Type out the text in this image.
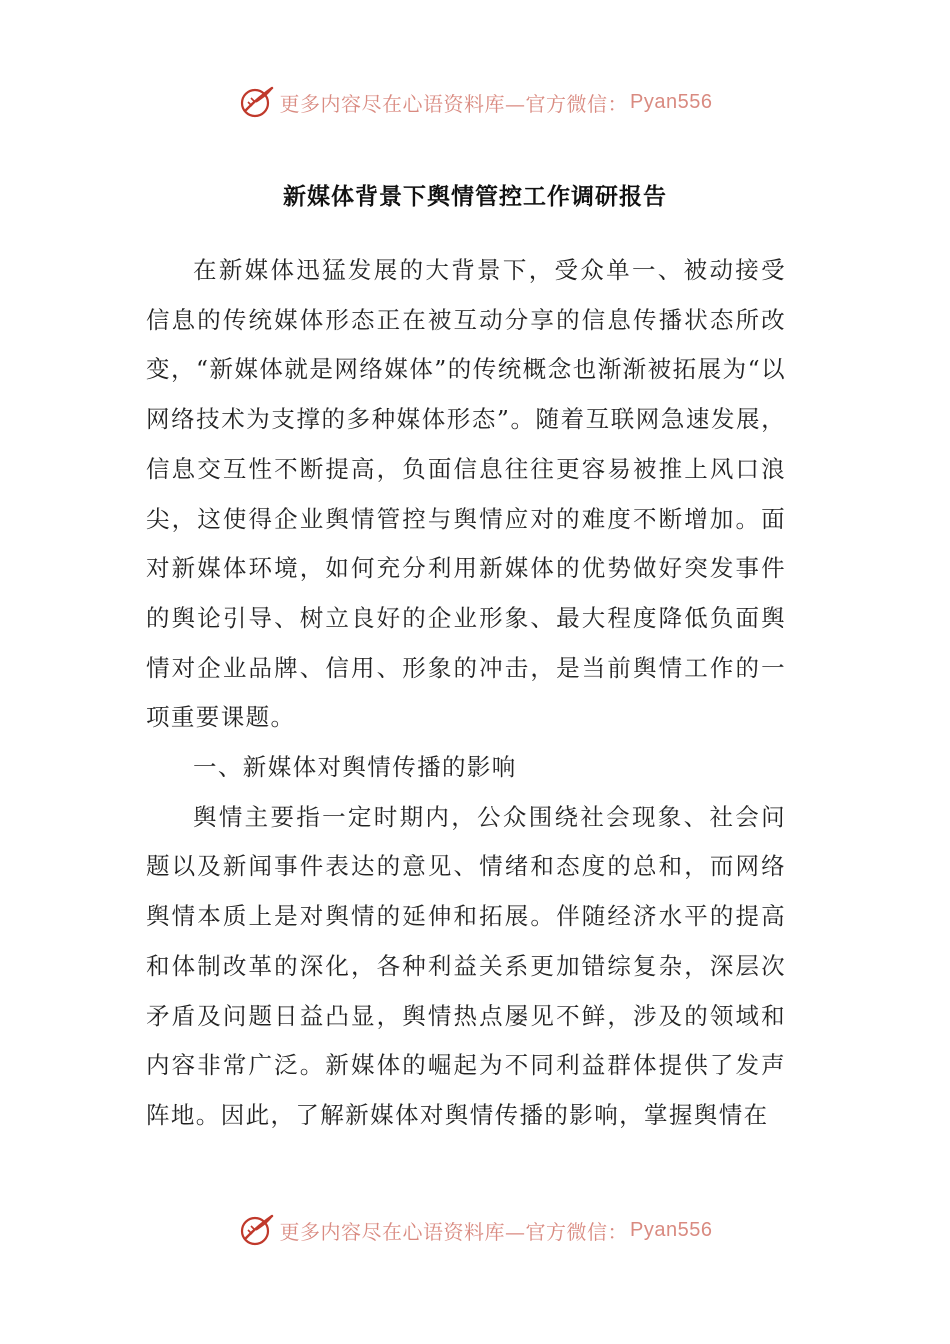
更多内容尽在心语资料库—官方微信： Pyan556
新媒体背景下舆情管控工作调研报告

在新媒体迅猛发展的大背景下，受众单一、被动接受信息的传统媒体形态正在被互动分享的信息传播状态所改变，“新媒体就是网络媒体”的传统概念也渐渐被拓展为“以网络技术为支撑的多种媒体形态”。随着互联网急速发展，信息交互性不断提高，负面信息往往更容易被推上风口浪尖，这使得企业舆情管控与舆情应对的难度不断增加。面对新媒体环境，如何充分利用新媒体的优势做好突发事件的舆论引导、树立良好的企业形象、最大程度降低负面舆情对企业品牌、信用、形象的冲击，是当前舆情工作的一项重要课题。

一、新媒体对舆情传播的影响

舆情主要指一定时期内，公众围绕社会现象、社会问题以及新闻事件表达的意见、情绪和态度的总和，而网络舆情本质上是对舆情的延伸和拓展。伴随经济水平的提高和体制改革的深化，各种利益关系更加错综复杂，深层次矛盾及问题日益凸显，舆情热点屡见不鲜，涉及的领域和内容非常广泛。新媒体的崛起为不同利益群体提供了发声阵地。因此，了解新媒体对舆情传播的影响，掌握舆情在

更多内容尽在心语资料库—官方微信： Pyan556
